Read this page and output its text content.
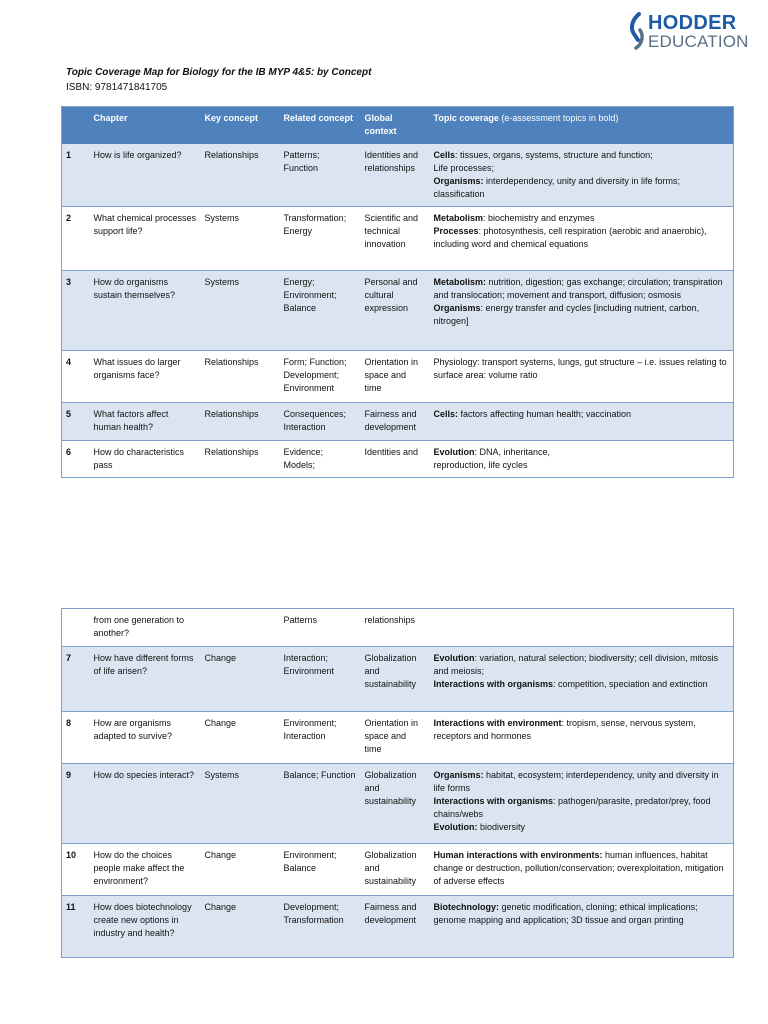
HODDER
EDUCATION
Topic Coverage Map for Biology for the IB MYP 4&5: by Concept
ISBN: 9781471841705
	Chapter	Key concept	Related concept	Global context	Topic coverage (e-assessment topics in bold)
1	How is life organized?	Relationships	Patterns; Function	Identities and relationships	Cells: tissues, organs, systems, structure and function;

Life processes;

Organisms: interdependency, unity and diversity in life forms; classification

2	What chemical processes support life?	Systems	Transformation; Energy	Scientific and technical innovation	Metabolism: biochemistry and enzymes

Processes: photosynthesis, cell respiration (aerobic and anaerobic), including word and chemical equations

3	How do organisms sustain themselves?	Systems	Energy; Environment; Balance	Personal and cultural expression	Metabolism: nutrition, digestion; gas exchange; circulation; transpiration and translocation; movement and transport, diffusion; osmosis

Organisms: energy transfer and cycles [including nutrient, carbon, nitrogen]

4	What issues do larger organisms face?	Relationships	Form; Function; Development; Environment	Orientation in space and time	Physiology: transport systems, lungs, gut structure – i.e. issues relating to surface area: volume ratio

5	What factors affect human health?	Relationships	Consequences; Interaction	Fairness and development	Cells: factors affecting human health; vaccination

6	How do characteristics pass	Relationships	Evidence; Models;	Identities and	Evolution: DNA, inheritance,

reproduction, life cycles

	from one generation to another?		Patterns	relationships	
7	How have different forms of life arisen?	Change	Interaction; Environment	Globalization and sustainability	Evolution: variation, natural selection; biodiversity; cell division, mitosis and meiosis;

Interactions with organisms: competition, speciation and extinction

8	How are organisms adapted to survive?	Change	Environment; Interaction	Orientation in space and time	Interactions with environment: tropism, sense, nervous system, receptors and hormones

9	How do species interact?	Systems	Balance; Function	Globalization and sustainability	Organisms: habitat, ecosystem; interdependency, unity and diversity in life forms

Interactions with organisms: pathogen/parasite, predator/prey, food chains/webs

Evolution: biodiversity

10	How do the choices people make affect the environment?	Change	Environment; Balance	Globalization and sustainability	Human interactions with environments: human influences, habitat change or destruction, pollution/conservation; overexploitation, mitigation of adverse effects

11	How does biotechnology create new options in industry and health?	Change	Development; Transformation	Fairness and development	Biotechnology: genetic modification, cloning; ethical implications; genome mapping and application; 3D tissue and organ printing
